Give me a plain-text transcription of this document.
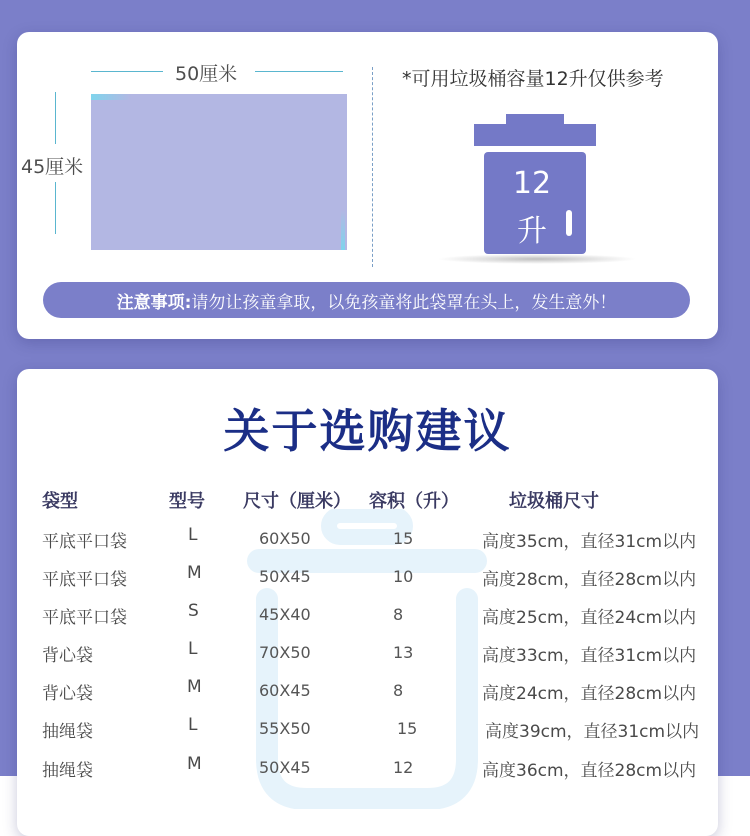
50厘米
45厘米
*可用垃圾桶容量12升仅供参考
12
升
注意事项: 请勿让孩童拿取，以免孩童将此袋罩在头上，发生意外！
关于选购建议
袋型	型号 尺寸（厘米） 容积（升）	垃圾桶尺寸
平底平口袋	L	60X50	15	高度35cm，直径31cm以内
平底平口袋	M	50X45	10	高度28cm，直径28cm以内
平底平口袋	S	45X40	8	高度25cm，直径24cm以内
背心袋	L	70X50	13	高度33cm，直径31cm以内
背心袋	M	60X45	8	高度24cm，直径28cm以内
抽绳袋	L	55X50	15	高度39cm，直径31cm以内
抽绳袋	M	50X45	12	高度36cm，直径28cm以内
